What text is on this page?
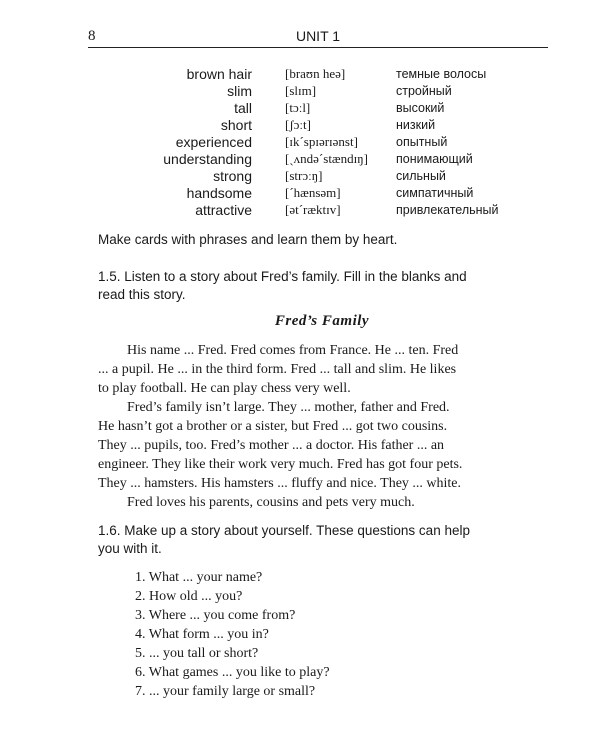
8	UNIT 1
brown hair	[braʊn heə]	темные волосы
slim	[slɪm]	стройный
tall	[tɔːl]	высокий
short	[ʃɔːt]	низкий
experienced	[ɪk´spɪərɪənst]	опытный
understanding	[ˏʌndə´stændɪŋ] понимающий
strong	[strɔːŋ]	сильный
handsome	[´hænsəm]	симпатичный
attractive	[ət´ræktɪv]	привлекательный
Make cards with phrases and learn them by heart.
1.5. Listen to a story about Fred’s family. Fill in the blanks and
read this story.
Fred’s Family
His name ... Fred. Fred comes from France. He ... ten. Fred
... a pupil. He ... in the third form. Fred ... tall and slim. He likes
to play football. He can play chess very well.
Fred’s family isn’t large. They ... mother, father and Fred.
He hasn’t got a brother or a sister, but Fred ... got two cousins.
They ... pupils, too. Fred’s mother ... a doctor. His father ... an
engineer. They like their work very much. Fred has got four pets.
They ... hamsters. His hamsters ... fluffy and nice. They ... white.
Fred loves his parents, cousins and pets very much.
1.6. Make up a story about yourself. These questions can help
you with it.
1. What ... your name?
2. How old ... you?
3. Where ... you come from?
4. What form ... you in?
5. ... you tall or short?
6. What games ... you like to play?
7. ... your family large or small?
